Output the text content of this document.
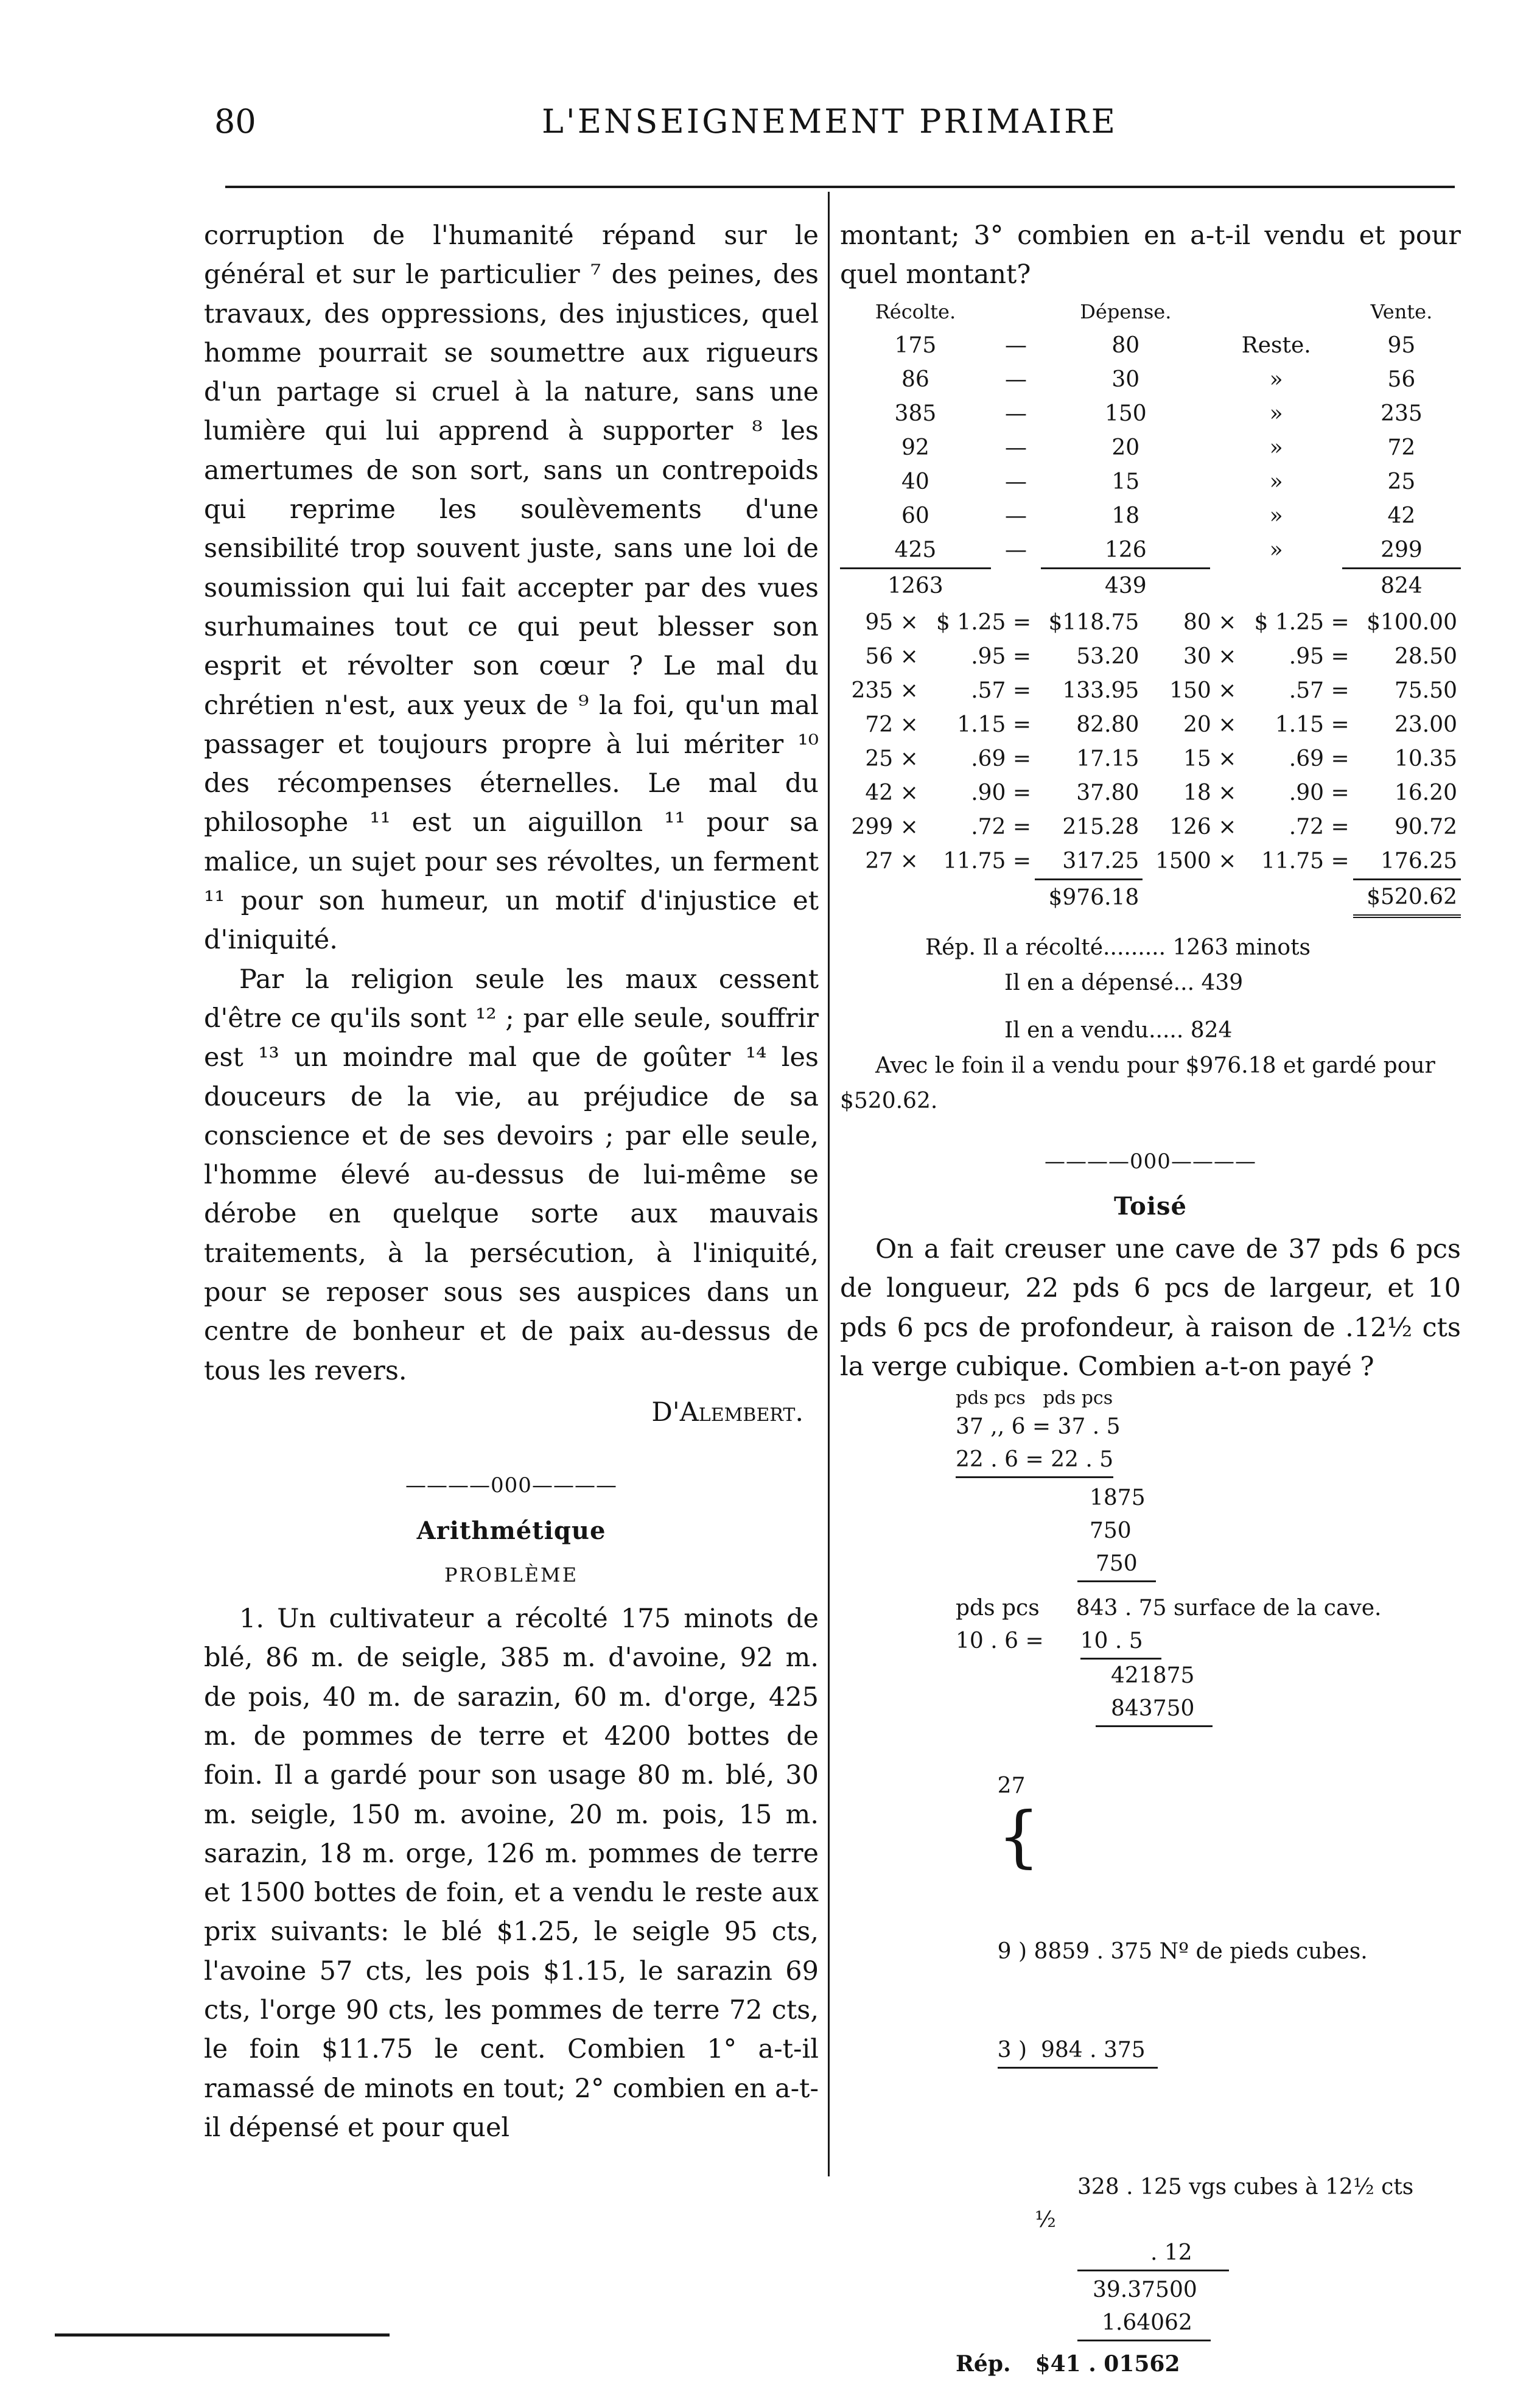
80	L'ENSEIGNEMENT PRIMAIRE

corruption de l'humanité répand sur le général et sur le particulier ⁷ des peines, des travaux, des oppressions, des injustices, quel homme pourrait se soumettre aux rigueurs d'un partage si cruel à la nature, sans une lumière qui lui apprend à supporter ⁸ les amertumes de son sort, sans un contrepoids qui reprime les soulèvements d'une sensibilité trop souvent juste, sans une loi de soumission qui lui fait accepter par des vues surhumaines tout ce qui peut blesser son esprit et révolter son cœur ? Le mal du chrétien n'est, aux yeux de ⁹ la foi, qu'un mal passager et toujours propre à lui mériter ¹⁰ des récompenses éternelles. Le mal du philosophe ¹¹ est un aiguillon ¹¹ pour sa malice, un sujet pour ses révoltes, un ferment ¹¹ pour son humeur, un motif d'injustice et d'iniquité.

Par la religion seule les maux cessent d'être ce qu'ils sont ¹² ; par elle seule, souffrir est ¹³ un moindre mal que de goûter ¹⁴ les douceurs de la vie, au préjudice de sa conscience et de ses devoirs ; par elle seule, l'homme élevé au-dessus de lui-même se dérobe en quelque sorte aux mauvais traitements, à la persécution, à l'iniquité, pour se reposer sous ses auspices dans un centre de bonheur et de paix au-dessus de tous les revers.

D'Alembert.

————000————

Arithmétique

PROBLÈME

1. Un cultivateur a récolté 175 minots de blé, 86 m. de seigle, 385 m. d'avoine, 92 m. de pois, 40 m. de sarazin, 60 m. d'orge, 425 m. de pommes de terre et 4200 bottes de foin. Il a gardé pour son usage 80 m. blé, 30 m. seigle, 150 m. avoine, 20 m. pois, 15 m. sarazin, 18 m. orge, 126 m. pommes de terre et 1500 bottes de foin, et a vendu le reste aux prix suivants: le blé $1.25, le seigle 95 cts, l'avoine 57 cts, les pois $1.15, le sarazin 69 cts, l'orge 90 cts, les pommes de terre 72 cts, le foin $11.75 le cent. Combien 1° a-t-il ramassé de minots en tout; 2° combien en a-t-il dépensé et pour quel

montant; 3° combien en a-t-il vendu et pour quel montant?

Récolte.		Dépense.		Vente.
175	—	80	Reste.	95
86	—	30	»	56
385	—	150	»	235
92	—	20	»	72
40	—	15	»	25
60	—	18	»	42
425	—	126	»	299
1263		439		824
95 ×	$ 1.25 =	$118.75	80 ×	$ 1.25 =	$100.00
56 ×	.95 =	53.20	30 ×	.95 =	28.50
235 ×	.57 =	133.95	150 ×	.57 =	75.50
72 ×	1.15 =	82.80	20 ×	1.15 =	23.00
25 ×	.69 =	17.15	15 ×	.69 =	10.35
42 ×	.90 =	37.80	18 ×	.90 =	16.20
299 ×	.72 =	215.28	126 ×	.72 =	90.72
27 ×	11.75 =	317.25	1500 ×	11.75 =	176.25
		$976.18			$520.62
Rép. Il a récolté......... 1263 minots
Il en a dépensé... 439
Il en a vendu..... 824

Avec le foin il a vendu pour $976.18 et gardé pour $520.62.

————000————

Toisé

On a fait creuser une cave de 37 pds 6 pcs de longueur, 22 pds 6 pcs de largeur, et 10 pds 6 pcs de profondeur, à raison de .12½ cts la verge cubique. Combien a-t-on payé ?

pds pcs   pds pcs
37 ,, 6 = 37 . 5
22 . 6 = 22 . 5
1875
750
750
pds pcs 843 . 75 surface de la cave.
10 . 6 = 10 . 5
421875
843750

27
{

9 ) 8859 . 375 Nº de pieds cubes.

3 )  984 . 375

328 . 125 vgs cubes à 12½ cts
½
. 12
39.37500
1.64062
Rép. $41 . 01562
